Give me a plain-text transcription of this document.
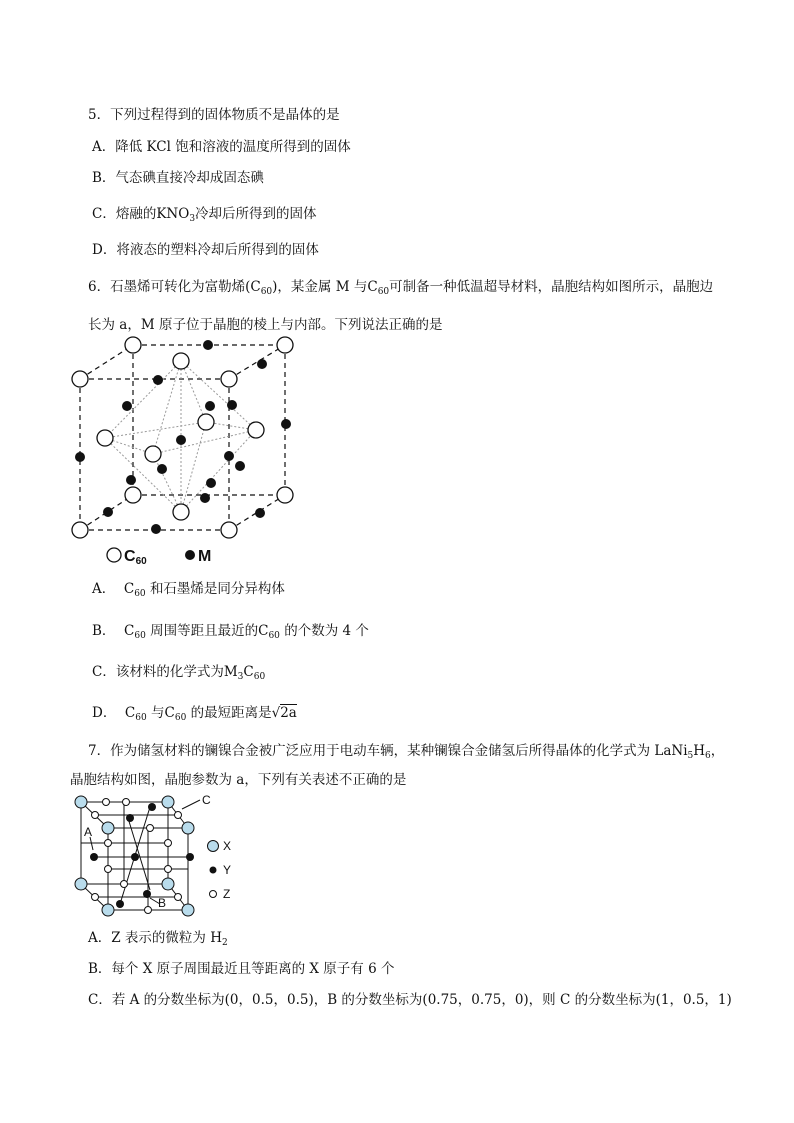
5．下列过程得到的固体物质不是晶体的是
A．降低 KCl 饱和溶液的温度所得到的固体
B．气态碘直接冷却成固态碘
C．熔融的$KNO_3$冷却后所得到的固体
D．将液态的塑料冷却后所得到的固体
6．石墨烯可转化为富勒烯$(C_{60})$，某金属 M 与$C_{60}$可制备一种低温超导材料，晶胞结构如图所示，晶胞边
长为 a，M 原子位于晶胞的棱上与内部。下列说法正确的是
C60	M
A． $C_{60}$ 和石墨烯是同分异构体
B． $C_{60}$ 周围等距且最近的$C_{60}$ 的个数为 4 个
C．该材料的化学式为$M_3C_{60}$
D． $C_{60}$ 与$C_{60}$ 的最短距离是√2a
7．作为储氢材料的镧镍合金被广泛应用于电动车辆，某种镧镍合金储氢后所得晶体的化学式为 $LaNi_5H_6$，
晶胞结构如图，晶胞参数为 a，下列有关表述不正确的是
C
A
B
X
Y
Z
A．Z 表示的微粒为 $H_2$
B．每个 X 原子周围最近且等距离的 X 原子有 6 个
C．若 A 的分数坐标为(0，0.5，0.5)，B 的分数坐标为(0.75，0.75，0)，则 C 的分数坐标为(1，0.5，1)
